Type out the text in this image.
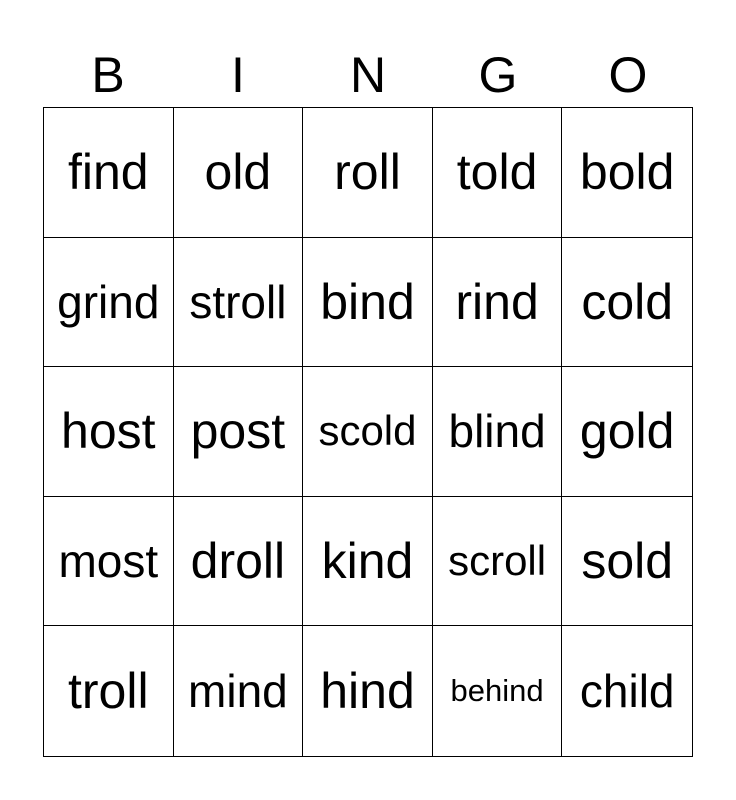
B	I	N	G	O
find	old	roll	told bold
grind stroll bind rind cold
host post scold blind gold
most droll kind scroll sold
troll mind hind	behind child
